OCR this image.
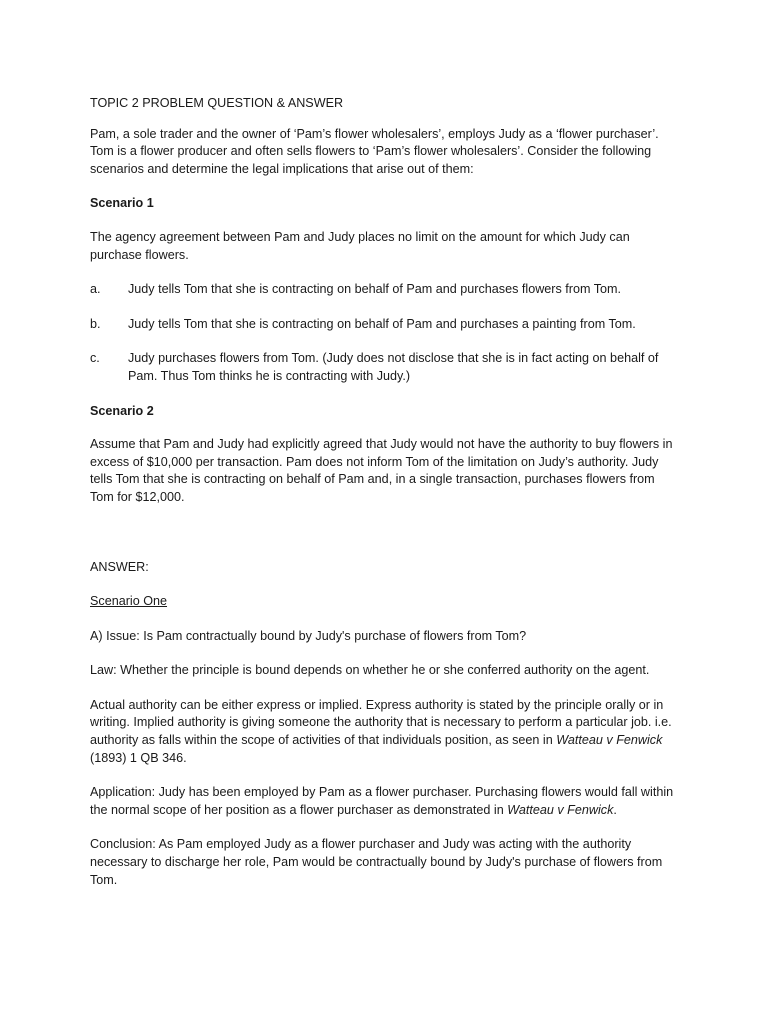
TOPIC 2 PROBLEM QUESTION & ANSWER

Pam, a sole trader and the owner of ‘Pam’s flower wholesalers’, employs Judy as a ‘flower purchaser’. Tom is a flower producer and often sells flowers to ‘Pam’s flower wholesalers’. Consider the following scenarios and determine the legal implications that arise out of them:

Scenario 1

The agency agreement between Pam and Judy places no limit on the amount for which Judy can purchase flowers.

a.	Judy tells Tom that she is contracting on behalf of Pam and purchases flowers from Tom.
b.	Judy tells Tom that she is contracting on behalf of Pam and purchases a painting from Tom.
c.	Judy purchases flowers from Tom. (Judy does not disclose that she is in fact acting on behalf of Pam. Thus Tom thinks he is contracting with Judy.)

Scenario 2

Assume that Pam and Judy had explicitly agreed that Judy would not have the authority to buy flowers in excess of $10,000 per transaction. Pam does not inform Tom of the limitation on Judy’s authority. Judy tells Tom that she is contracting on behalf of Pam and, in a single transaction, purchases flowers from Tom for $12,000.

ANSWER:

Scenario One

A) Issue: Is Pam contractually bound by Judy's purchase of flowers from Tom?

Law: Whether the principle is bound depends on whether he or she conferred authority on the agent.

Actual authority can be either express or implied. Express authority is stated by the principle orally or in writing. Implied authority is giving someone the authority that is necessary to perform a particular job. i.e. authority as falls within the scope of activities of that individuals position, as seen in Watteau v Fenwick (1893) 1 QB 346.

Application: Judy has been employed by Pam as a flower purchaser. Purchasing flowers would fall within the normal scope of her position as a flower purchaser as demonstrated in Watteau v Fenwick.

Conclusion: As Pam employed Judy as a flower purchaser and Judy was acting with the authority necessary to discharge her role, Pam would be contractually bound by Judy's purchase of flowers from Tom.
